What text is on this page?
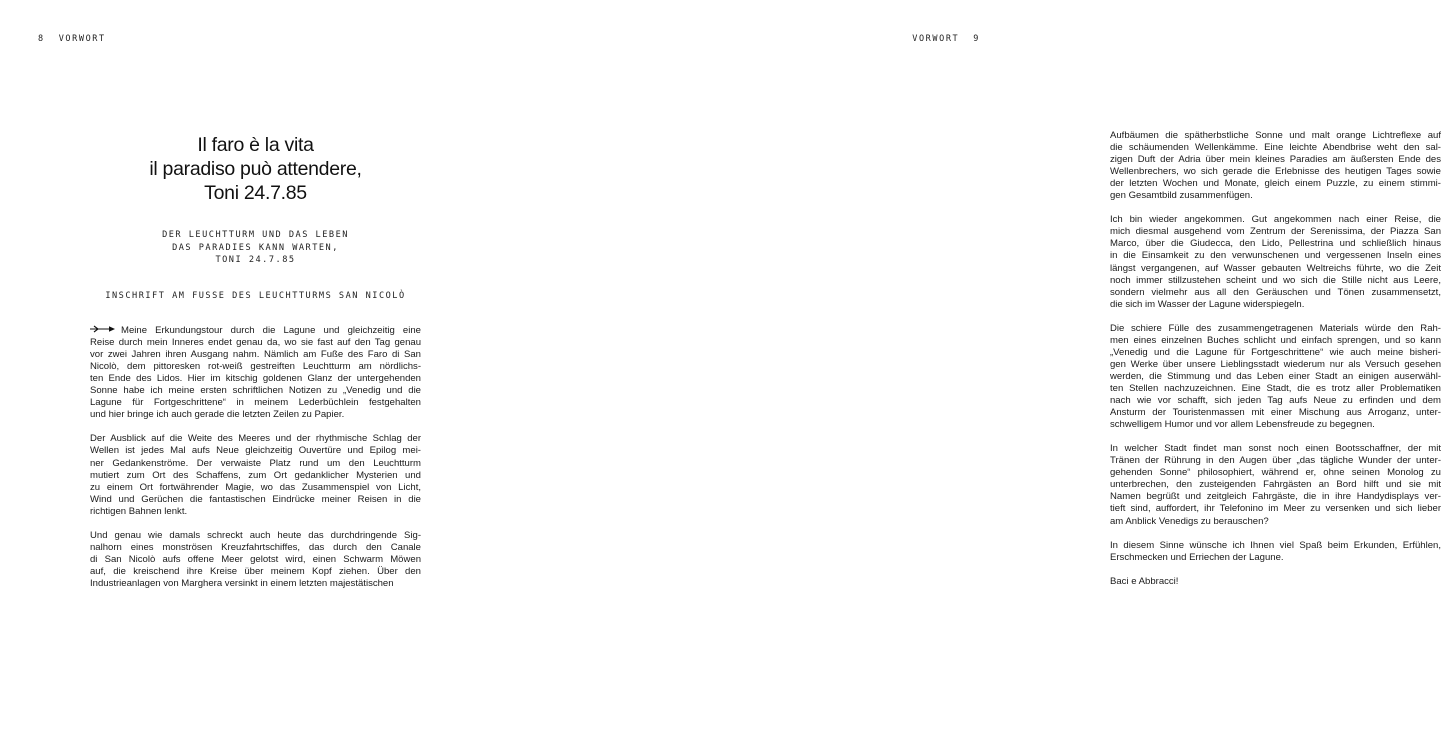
8 VORWORT
Il faro è la vita
il paradiso può attendere,
Toni 24.7.85
DER LEUCHTTURM UND DAS LEBEN
DAS PARADIES KANN WARTEN,
TONI 24.7.85
INSCHRIFT AM FUSSE DES LEUCHTTURMS SAN NICOLÒ
Meine Erkundungstour durch die Lagune und gleichzeitig eine
Reise durch mein Inneres endet genau da, wo sie fast auf den Tag genau
vor zwei Jahren ihren Ausgang nahm. Nämlich am Fuße des Faro di San
Nicolò, dem pittoresken rot-weiß gestreiften Leuchtturm am nördlichs-
ten Ende des Lidos. Hier im kitschig goldenen Glanz der untergehenden
Sonne habe ich meine ersten schriftlichen Notizen zu „Venedig und die
Lagune für Fortgeschrittene“ in meinem Lederbüchlein festgehalten
und hier bringe ich auch gerade die letzten Zeilen zu Papier.
Der Ausblick auf die Weite des Meeres und der rhythmische Schlag der
Wellen ist jedes Mal aufs Neue gleichzeitig Ouvertüre und Epilog mei-
ner Gedankenströme. Der verwaiste Platz rund um den Leuchtturm
mutiert zum Ort des Schaffens, zum Ort gedanklicher Mysterien und
zu einem Ort fortwährender Magie, wo das Zusammenspiel von Licht,
Wind und Gerüchen die fantastischen Eindrücke meiner Reisen in die
richtigen Bahnen lenkt.
Und genau wie damals schreckt auch heute das durchdringende Sig-
nalhorn eines monströsen Kreuzfahrtschiffes, das durch den Canale
di San Nicolò aufs offene Meer gelotst wird, einen Schwarm Möwen
auf, die kreischend ihre Kreise über meinem Kopf ziehen. Über den
Industrieanlagen von Marghera versinkt in einem letzten majestätischen
VORWORT 9
Aufbäumen die spätherbstliche Sonne und malt orange Lichtreflexe auf
die schäumenden Wellenkämme. Eine leichte Abendbrise weht den sal-
zigen Duft der Adria über mein kleines Paradies am äußersten Ende des
Wellenbrechers, wo sich gerade die Erlebnisse des heutigen Tages sowie
der letzten Wochen und Monate, gleich einem Puzzle, zu einem stimmi-
gen Gesamtbild zusammenfügen.
Ich bin wieder angekommen. Gut angekommen nach einer Reise, die
mich diesmal ausgehend vom Zentrum der Serenissima, der Piazza San
Marco, über die Giudecca, den Lido, Pellestrina und schließlich hinaus
in die Einsamkeit zu den verwunschenen und vergessenen Inseln eines
längst vergangenen, auf Wasser gebauten Weltreichs führte, wo die Zeit
noch immer stillzustehen scheint und wo sich die Stille nicht aus Leere,
sondern vielmehr aus all den Geräuschen und Tönen zusammensetzt,
die sich im Wasser der Lagune widerspiegeln.
Die schiere Fülle des zusammengetragenen Materials würde den Rah-
men eines einzelnen Buches schlicht und einfach sprengen, und so kann
„Venedig und die Lagune für Fortgeschrittene“ wie auch meine bisheri-
gen Werke über unsere Lieblingsstadt wiederum nur als Versuch gesehen
werden, die Stimmung und das Leben einer Stadt an einigen auserwähl-
ten Stellen nachzuzeichnen. Eine Stadt, die es trotz aller Problematiken
nach wie vor schafft, sich jeden Tag aufs Neue zu erfinden und dem
Ansturm der Touristenmassen mit einer Mischung aus Arroganz, unter-
schwelligem Humor und vor allem Lebensfreude zu begegnen.
In welcher Stadt findet man sonst noch einen Bootsschaffner, der mit
Tränen der Rührung in den Augen über „das tägliche Wunder der unter-
gehenden Sonne“ philosophiert, während er, ohne seinen Monolog zu
unterbrechen, den zusteigenden Fahrgästen an Bord hilft und sie mit
Namen begrüßt und zeitgleich Fahrgäste, die in ihre Handydisplays ver-
tieft sind, auffordert, ihr Telefonino im Meer zu versenken und sich lieber
am Anblick Venedigs zu berauschen?
In diesem Sinne wünsche ich Ihnen viel Spaß beim Erkunden, Erfühlen,
Erschmecken und Erriechen der Lagune.
Baci e Abbracci!
